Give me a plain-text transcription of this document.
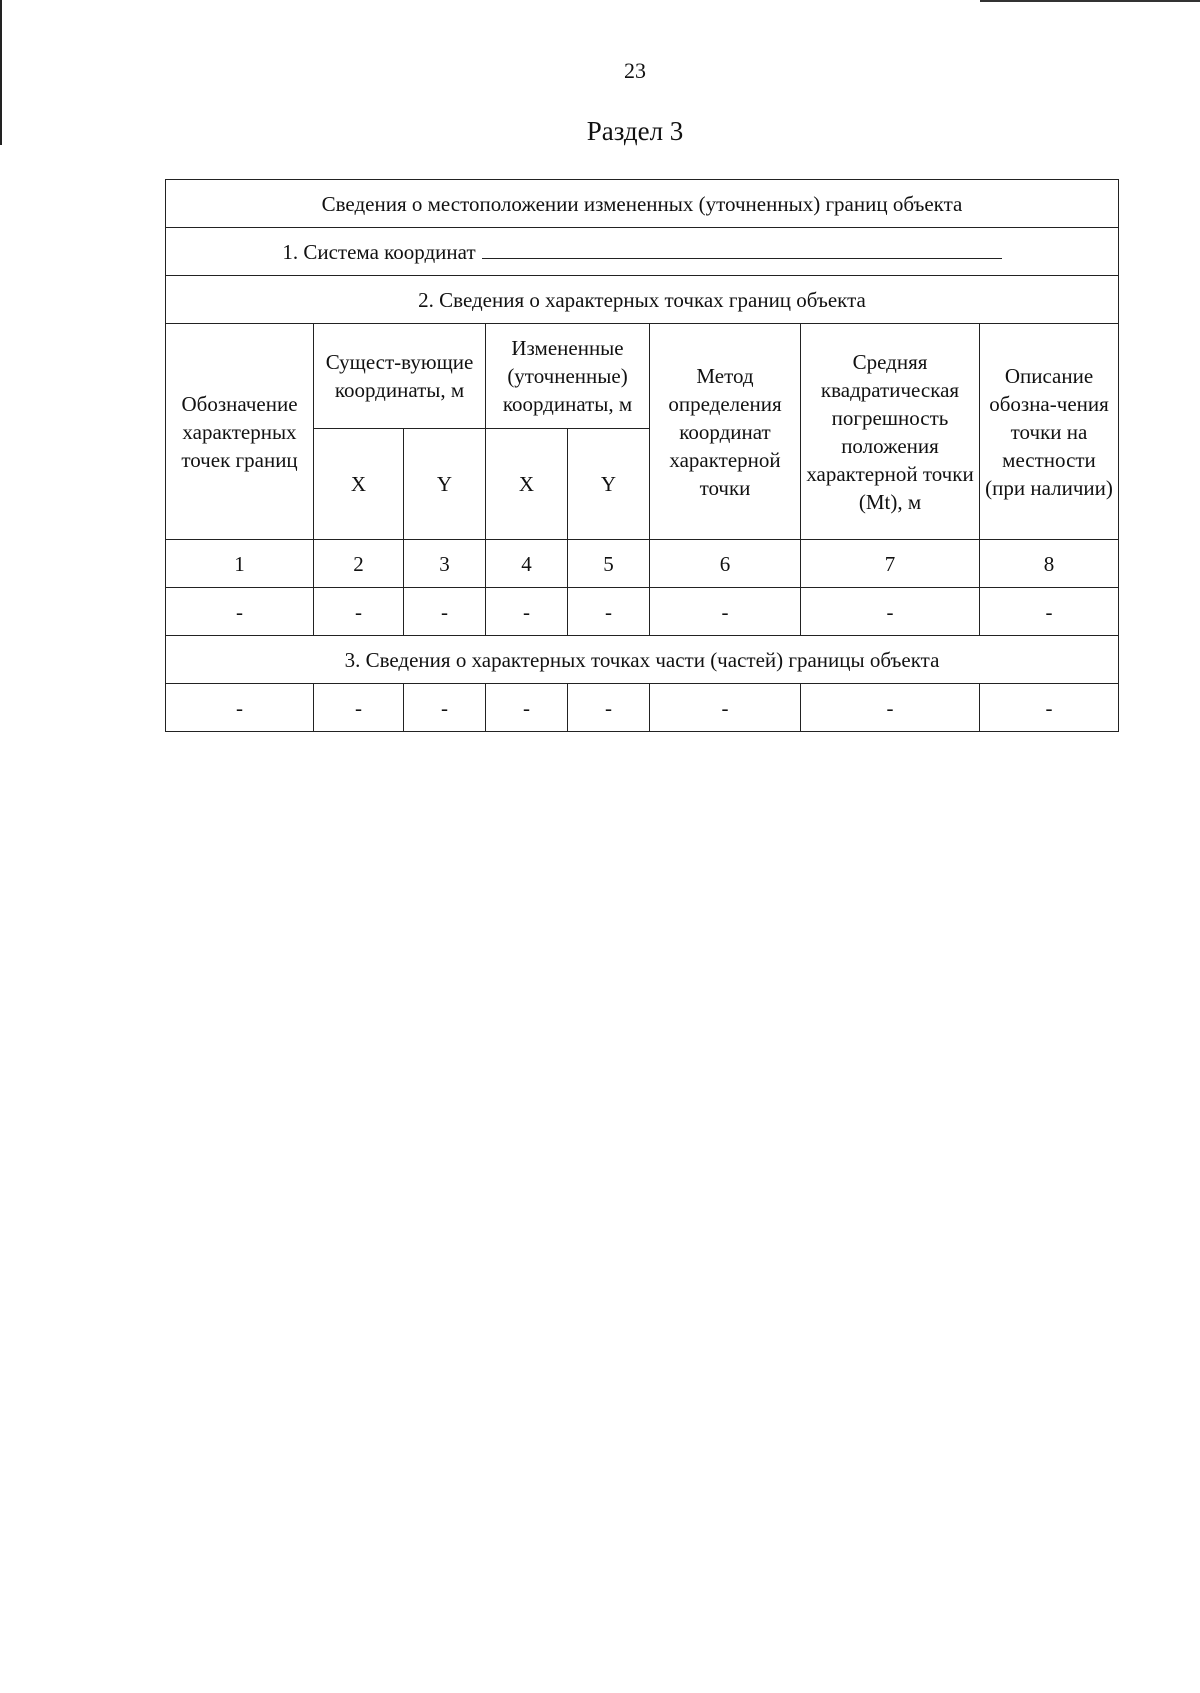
23
Раздел 3
Сведения о местоположении измененных (уточненных) границ объекта							
1. Система координат							
2. Сведения о характерных точках границ объекта							
Обозначение характерных точек границ	Сущест-вующие координаты, м		Измененные (уточненные) координаты, м		Метод определения координат характерной точки	Средняя квадратическая погрешность положения характерной точки (Mt), м	Описание обозна-чения точки на местности (при наличии)
	X	Y	X	Y			
1	2	3	4	5	6	7	8
-	-	-	-	-	-	-	-
3. Сведения о характерных точках части (частей) границы объекта							
-	-	-	-	-	-	-	-
